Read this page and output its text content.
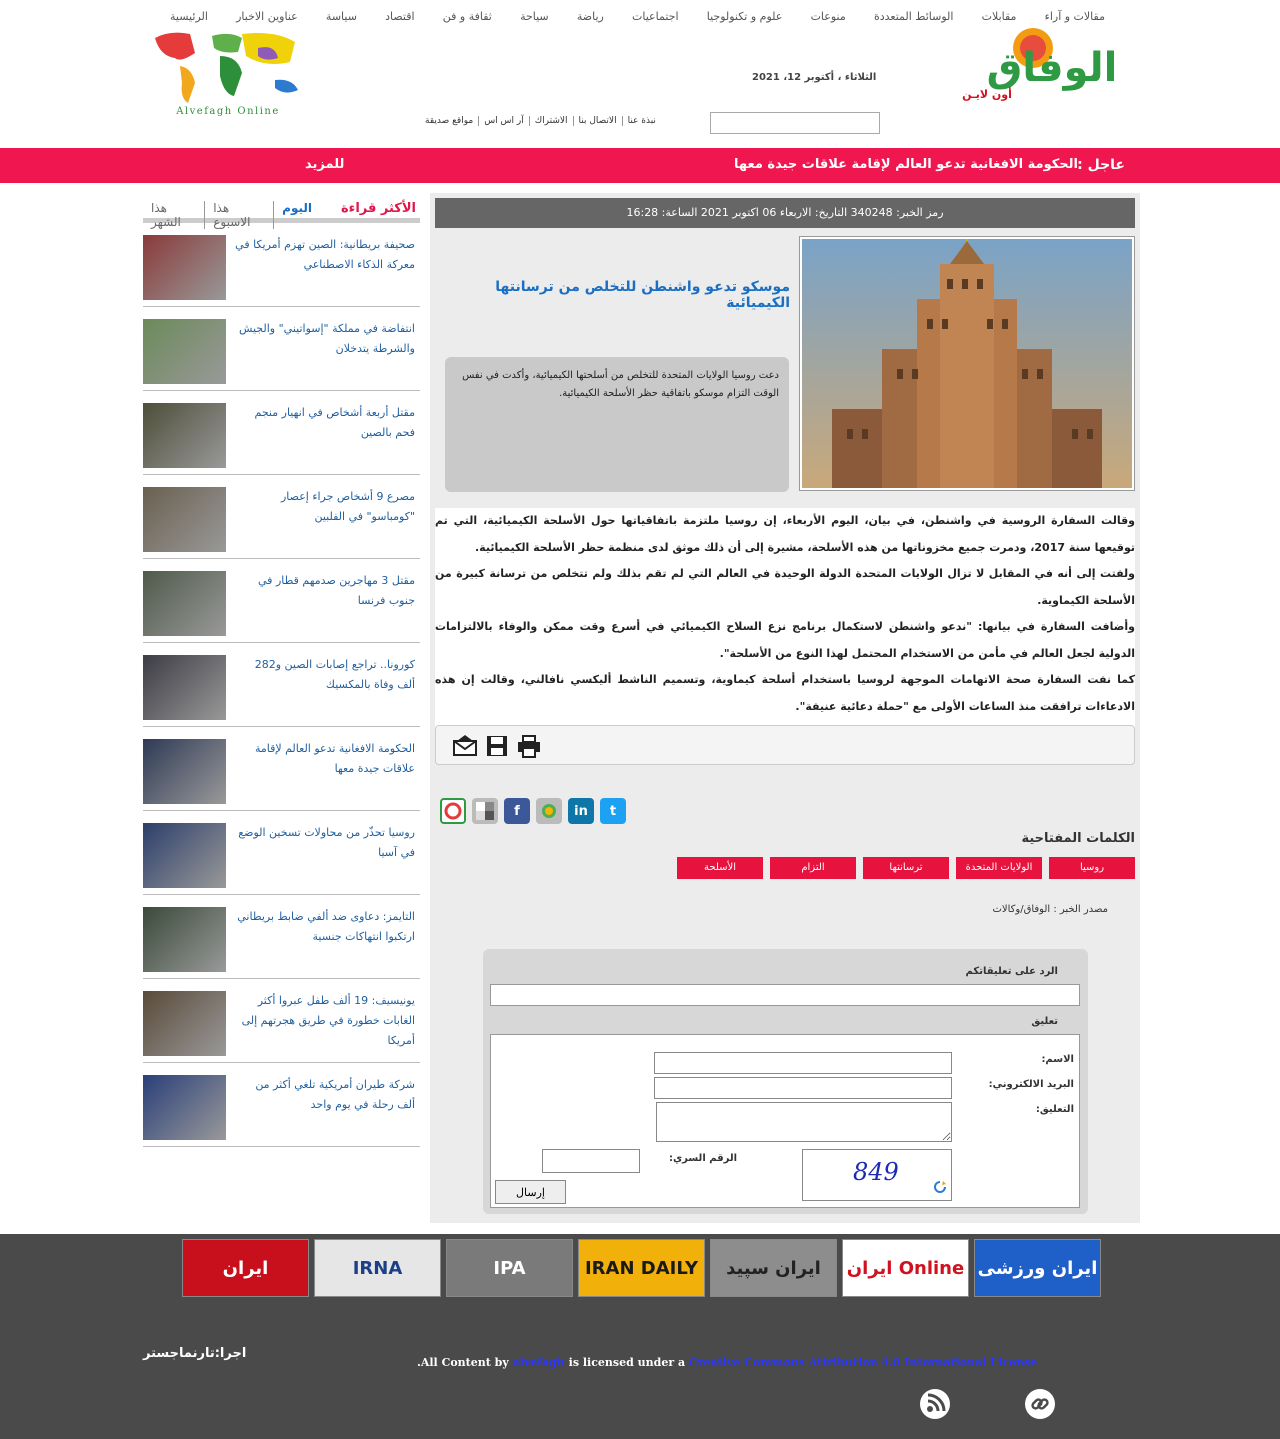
الرئيسية	عناوين الاخبار	سياسة	اقتصاد	ثقافة و فن	سياحة	رياضة	اجتماعيات	علوم و تكنولوجيا	منوعات	الوسائط المتعددة	مقابلات	مقالات و آراء
الوفاق
أون لايـن
Alvefagh Online
الثلاثاء ، أكتوبر 12، 2021
نبذة عنا
الاتصال بنا
الاشتراك
آر اس اس
مواقع صديقة
عاجل :
الحكومة الافغانية تدعو العالم لإقامة علاقات جيدة معها
للمزيد
الأكثر قراءة
اليوم
هذا الاسبوع
هذا الشهر
صحيفة بريطانية: الصين تهزم أمريكا في معركة الذكاء الاصطناعي
انتفاضة في مملكة "إسواتيني" والجيش والشرطة يتدخلان
مقتل أربعة أشخاص في انهيار منجم فحم بالصين
مصرع 9 أشخاص جراء إعصار "كومباسو" في الفلبين
مقتل 3 مهاجرين صدمهم قطار في جنوب فرنسا
كورونا.. تراجع إصابات الصين و282 ألف وفاة بالمكسيك
الحكومة الافغانية تدعو العالم لإقامة علاقات جيدة معها
روسيا تحذّر من محاولات تسخين الوضع في آسيا
التايمز: دعاوى ضد ألفي ضابط بريطاني ارتكبوا انتهاكات جنسية
يونيسيف: 19 ألف طفل عبروا أكثر الغابات خطورة في طريق هجرتهم إلى أمريكا
شركة طيران أمريكية تلغي أكثر من ألف رحلة في يوم واحد
رمز الخبر: 340248 التاريخ: الاربعاء 06 اكتوبر 2021 الساعة: 16:28
موسكو تدعو واشنطن للتخلص من ترسانتها الكيميائية
دعت روسيا الولايات المتحدة للتخلص من أسلحتها الكيميائية، وأكدت في نفس الوقت التزام موسكو باتفاقية حظر الأسلحة الكيميائية.

وقالت السفارة الروسية في واشنطن، في بيان، اليوم الأربعاء، إن روسيا ملتزمة باتفاقياتها حول الأسلحة الكيميائية، التي تم توقيعها سنة 2017، ودمرت جميع مخزوناتها من هذه الأسلحة، مشيرة إلى أن ذلك موثق لدى منظمة حظر الأسلحة الكيميائية.

ولفتت إلى أنه في المقابل لا تزال الولايات المتحدة الدولة الوحيدة في العالم التي لم تقم بذلك ولم تتخلص من ترسانة كبيرة من الأسلحة الكيماوية.

وأضافت السفارة في بيانها: "ندعو واشنطن لاستكمال برنامج نزع السلاح الكيميائي في أسرع وقت ممكن والوفاء بالالتزامات الدولية لجعل العالم في مأمن من الاستخدام المحتمل لهذا النوع من الأسلحة".

كما نفت السفارة صحة الاتهامات الموجهة لروسيا باستخدام أسلحة كيماوية، وتسميم الناشط أليكسي نافالني، وقالت إن هذه الادعاءات ترافقت منذ الساعات الأولى مع "حملة دعائية عنيفة".

f	in	t
الكلمات المفتاحية
روسيا
الولايات المتحدة
ترسانتها
التزام
الأسلحة
مصدر الخبر : الوفاق/وكالات
الرد على تعليقاتكم
تعليق
الاسم:
البريد الالكتروني:
التعليق:
849
الرقم السري:
إرسال
ایران	IRNA	IPA	IRAN DAILY	ایران سپید	ایران Online ایران ورزشی
اجرا:تارنماجستر
.All Content by alvefagh is licensed under a Creative Commons Attribution 4.0 International License
